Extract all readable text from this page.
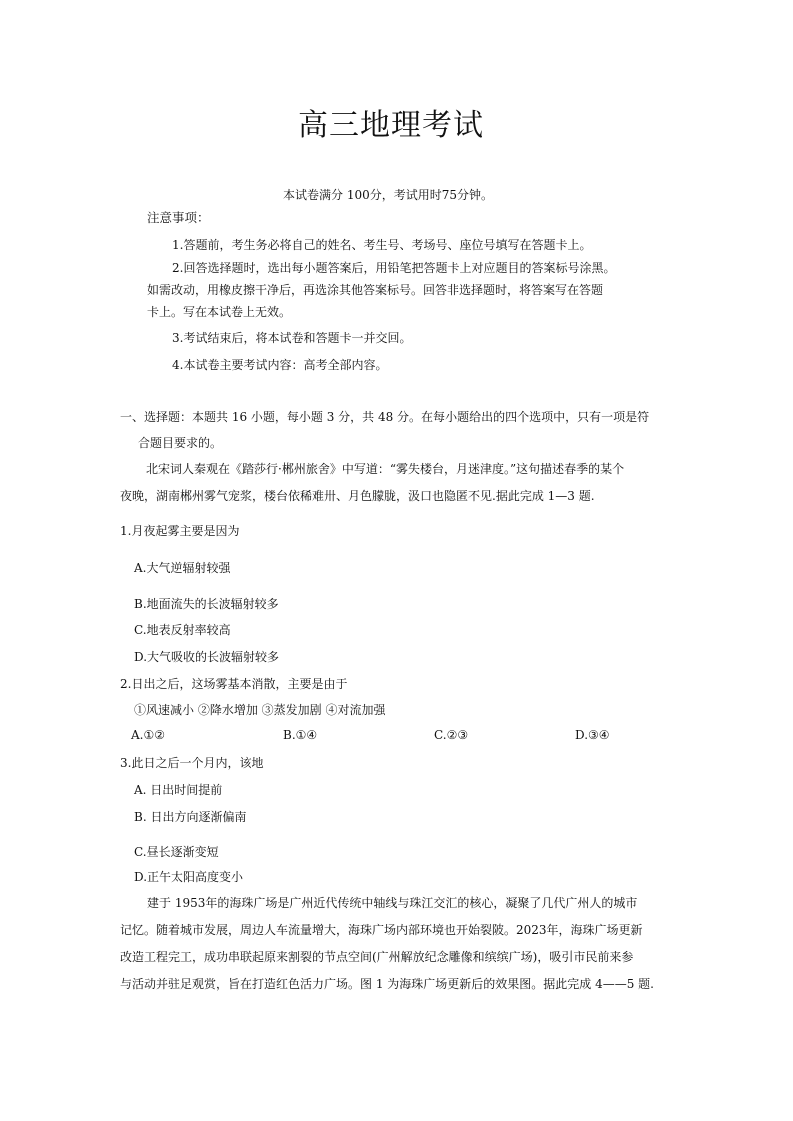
高三地理考试
本试卷满分 100分，考试用时75分钟。
注意事项：
1.答题前，考生务必将自己的姓名、考生号、考场号、座位号填写在答题卡上。
2.回答选择题时，选出每小题答案后，用铅笔把答题卡上对应题目的答案标号涂黑。
如需改动，用橡皮擦干净后，再选涂其他答案标号。回答非选择题时，将答案写在答题
卡上。写在本试卷上无效。
3.考试结束后，将本试卷和答题卡一并交回。
4.本试卷主要考试内容：高考全部内容。
一、选择题：本题共 16 小题，每小题 3 分，共 48 分。在每小题给出的四个选项中，只有一项是符
合题目要求的。
北宋词人秦观在《踏莎行·郴州旅舍》中写道：“雾失楼台，月迷津度。”这句描述春季的某个
夜晚，湖南郴州雾气宠浆，楼台依稀难卅、月色朦胧，汲口也隐匿不见.据此完成 1—3 题.
1.月夜起雾主要是因为
A.大气逆辐射较强
B.地面流失的长波辐射较多
C.地表反射率较高
D.大气吸收的长波辐射较多
2.日出之后，这场雾基本消散，主要是由于
①风速减小 ②降水增加 ③蒸发加剧 ④对流加强
A.①②	B.①④	C.②③	D.③④
3.此日之后一个月内，该地
A. 日出时间提前
B. 日出方向逐渐偏南
C.昼长逐渐变短
D.正午太阳高度变小
建于 1953年的海珠广场是广州近代传统中轴线与珠江交汇的核心，凝聚了几代广州人的城市
记忆。随着城市发展，周边人车流量增大，海珠广场内部环境也开始裂陂。2023年，海珠广场更新
改造工程完工，成功串联起原来割裂的节点空间(广州解放纪念雕像和缤缤广场)，吸引市民前来参
与活动并驻足观赏，旨在打造红色活力广场。图 1 为海珠广场更新后的效果图。据此完成 4——5 题.
